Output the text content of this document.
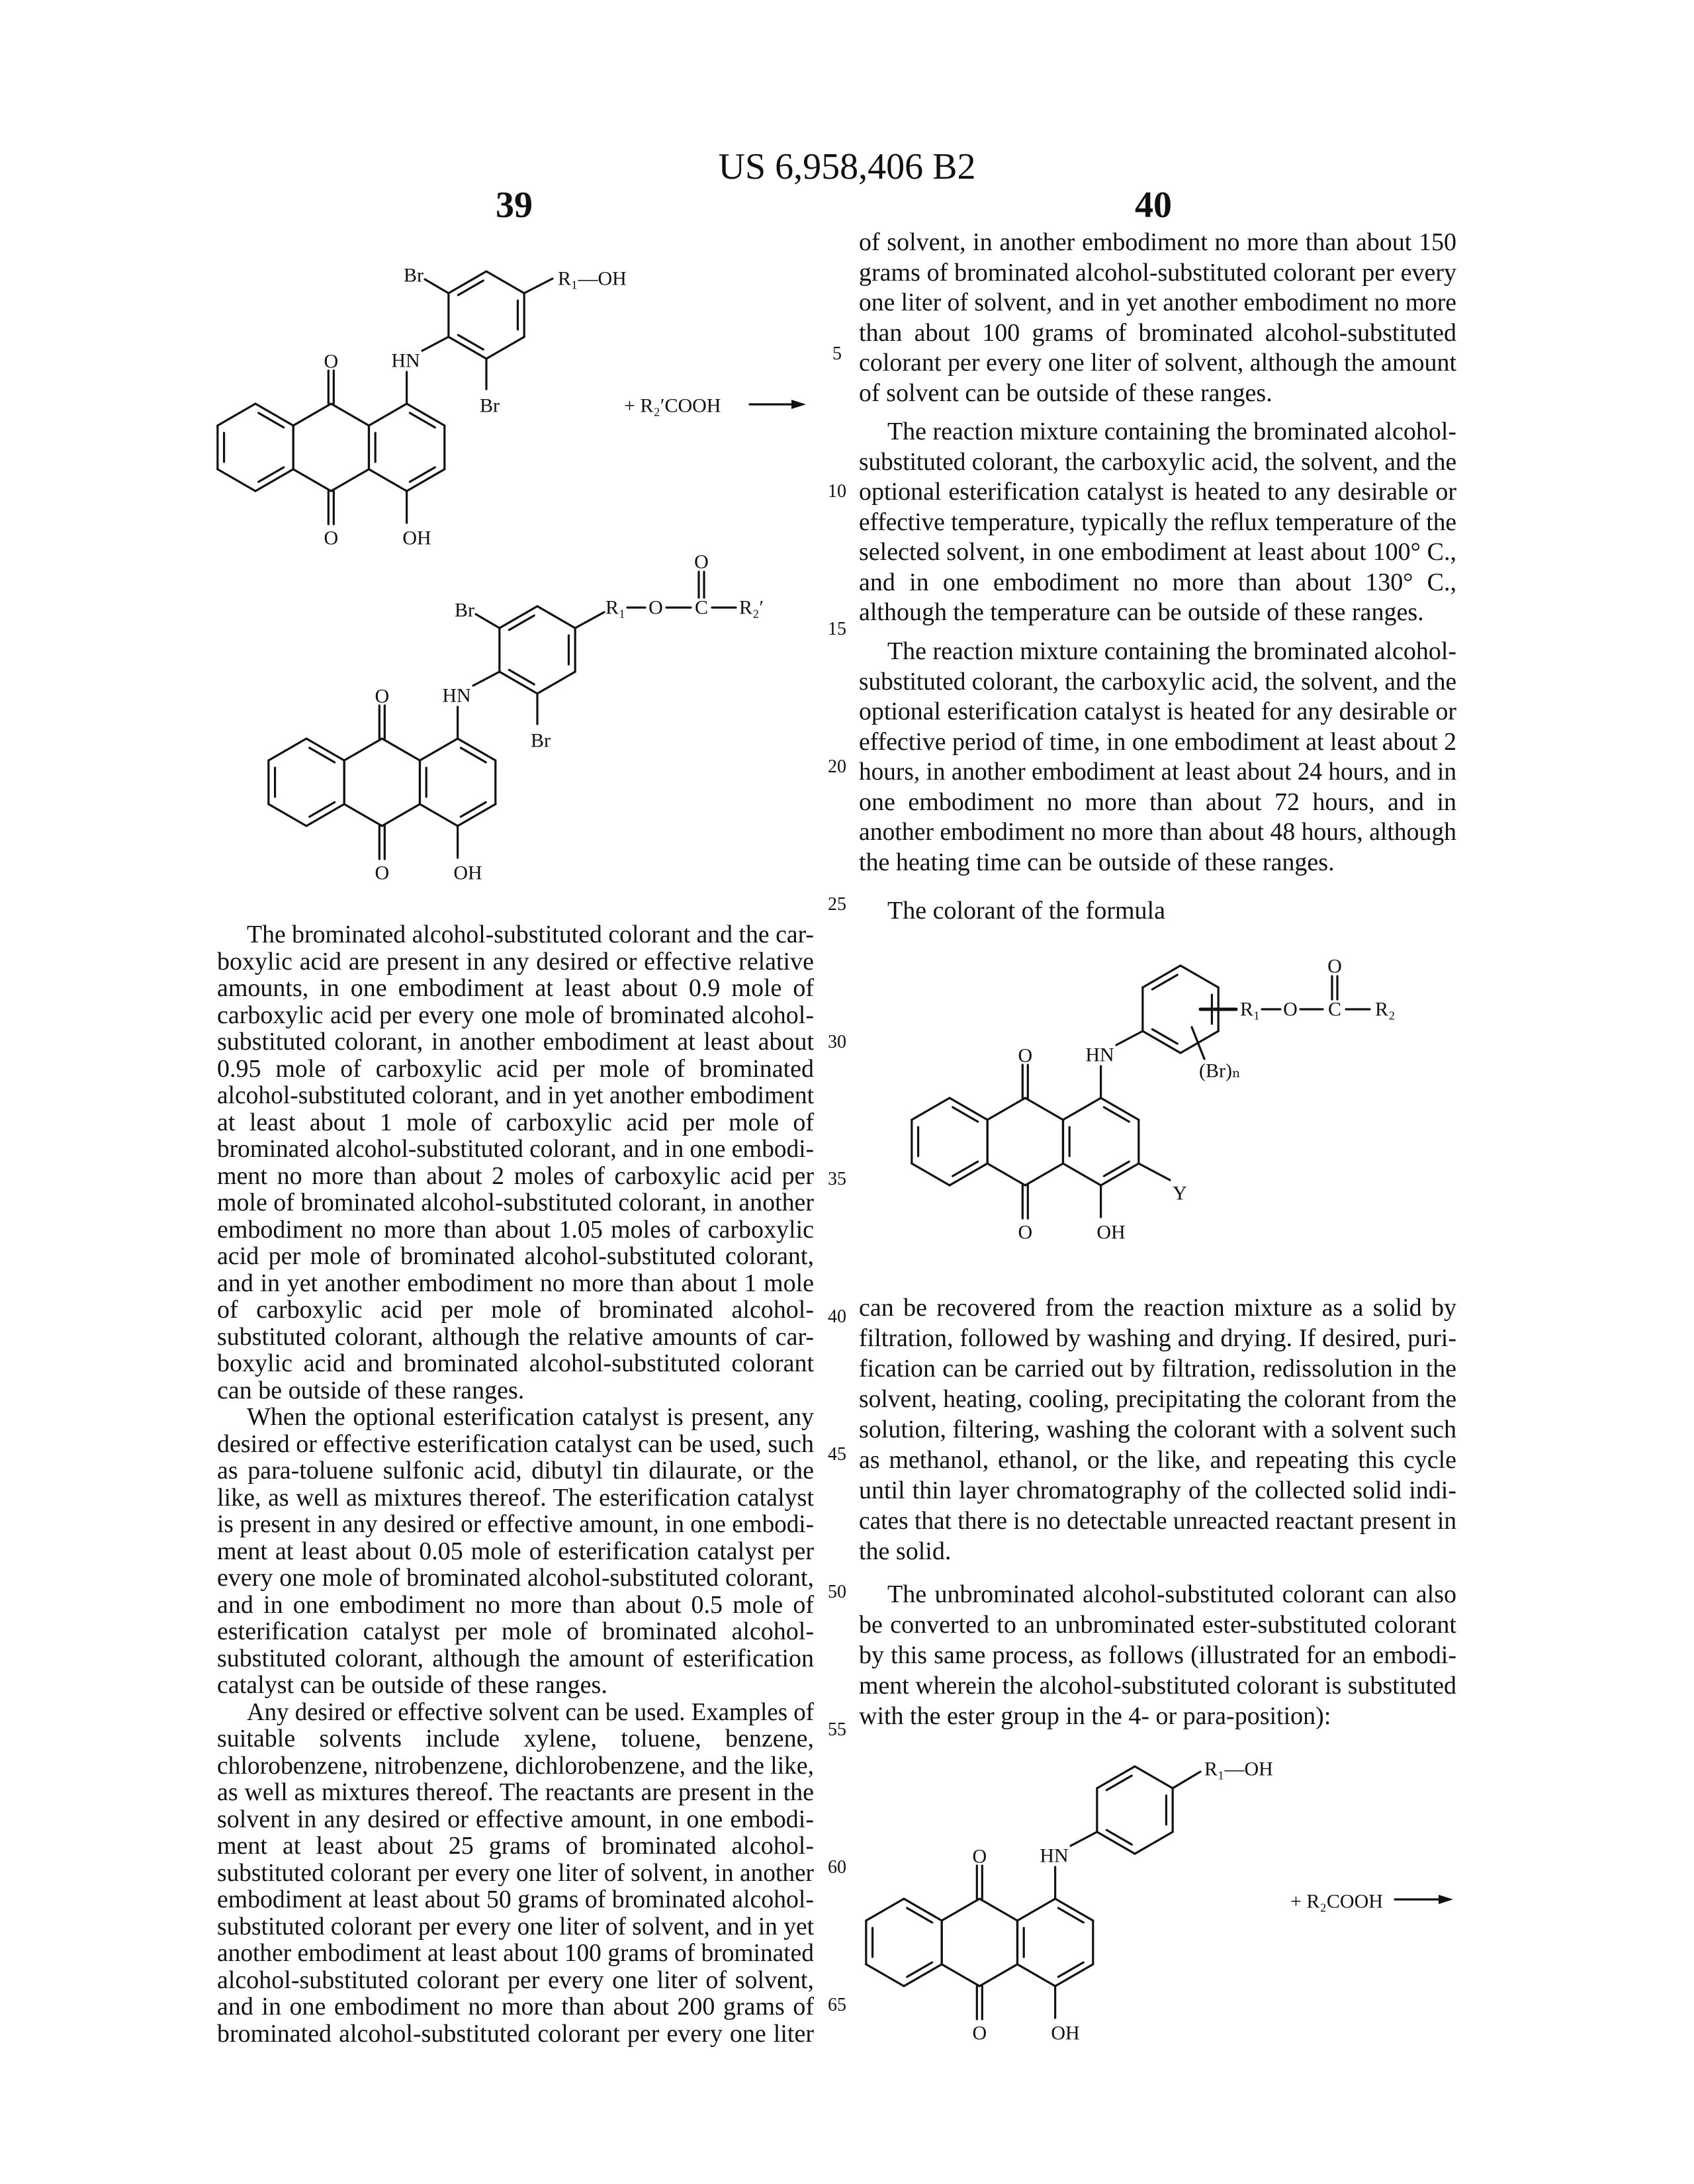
US 6,958,406 B2
39	40
The brominated alcohol-substituted colorant and the car-
boxylic acid are present in any desired or effective relative
amounts, in one embodiment at least about 0.9 mole of
carboxylic acid per every one mole of brominated alcohol-
substituted colorant, in another embodiment at least about
0.95 mole of carboxylic acid per mole of brominated
alcohol-substituted colorant, and in yet another embodiment
at least about 1 mole of carboxylic acid per mole of
brominated alcohol-substituted colorant, and in one embodi-
ment no more than about 2 moles of carboxylic acid per
mole of brominated alcohol-substituted colorant, in another
embodiment no more than about 1.05 moles of carboxylic
acid per mole of brominated alcohol-substituted colorant,
and in yet another embodiment no more than about 1 mole
of carboxylic acid per mole of brominated alcohol-
substituted colorant, although the relative amounts of car-
boxylic acid and brominated alcohol-substituted colorant
can be outside of these ranges.
When the optional esterification catalyst is present, any
desired or effective esterification catalyst can be used, such
as para-toluene sulfonic acid, dibutyl tin dilaurate, or the
like, as well as mixtures thereof. The esterification catalyst
is present in any desired or effective amount, in one embodi-
ment at least about 0.05 mole of esterification catalyst per
every one mole of brominated alcohol-substituted colorant,
and in one embodiment no more than about 0.5 mole of
esterification catalyst per mole of brominated alcohol-
substituted colorant, although the amount of esterification
catalyst can be outside of these ranges.
Any desired or effective solvent can be used. Examples of
suitable solvents include xylene, toluene, benzene,
chlorobenzene, nitrobenzene, dichlorobenzene, and the like,
as well as mixtures thereof. The reactants are present in the
solvent in any desired or effective amount, in one embodi-
ment at least about 25 grams of brominated alcohol-
substituted colorant per every one liter of solvent, in another
embodiment at least about 50 grams of brominated alcohol-
substituted colorant per every one liter of solvent, and in yet
another embodiment at least about 100 grams of brominated
alcohol-substituted colorant per every one liter of solvent,
and in one embodiment no more than about 200 grams of
brominated alcohol-substituted colorant per every one liter
of solvent, in another embodiment no more than about 150
grams of brominated alcohol-substituted colorant per every
one liter of solvent, and in yet another embodiment no more
than about 100 grams of brominated alcohol-substituted
colorant per every one liter of solvent, although the amount
of solvent can be outside of these ranges.
The reaction mixture containing the brominated alcohol-
substituted colorant, the carboxylic acid, the solvent, and the
optional esterification catalyst is heated to any desirable or
effective temperature, typically the reflux temperature of the
selected solvent, in one embodiment at least about 100° C.,
and in one embodiment no more than about 130° C.,
although the temperature can be outside of these ranges.
The reaction mixture containing the brominated alcohol-
substituted colorant, the carboxylic acid, the solvent, and the
optional esterification catalyst is heated for any desirable or
effective period of time, in one embodiment at least about 2
hours, in another embodiment at least about 24 hours, and in
one embodiment no more than about 72 hours, and in
another embodiment no more than about 48 hours, although
the heating time can be outside of these ranges.
The colorant of the formula
can be recovered from the reaction mixture as a solid by
filtration, followed by washing and drying. If desired, puri-
fication can be carried out by filtration, redissolution in the
solvent, heating, cooling, precipitating the colorant from the
solution, filtering, washing the colorant with a solvent such
as methanol, ethanol, or the like, and repeating this cycle
until thin layer chromatography of the collected solid indi-
cates that there is no detectable unreacted reactant present in
the solid.
The unbrominated alcohol-substituted colorant can also
be converted to an unbrominated ester-substituted colorant
by this same process, as follows (illustrated for an embodi-
ment wherein the alcohol-substituted colorant is substituted
with the ester group in the 4- or para-position):
5
10
15
20
25
30
35
40
45
50
55
60
65
O
O
HN
OH
Br
Br
R₁—OH
+ R₂′COOH
O
O
HN
OH
Br
Br
R₁ O C R₂′
O
O
O
HN
OH
Y
R₁ O C R₂
O
(Br)ₙ
O
O
HN
OH
R₁—OH
+ R₂COOH
